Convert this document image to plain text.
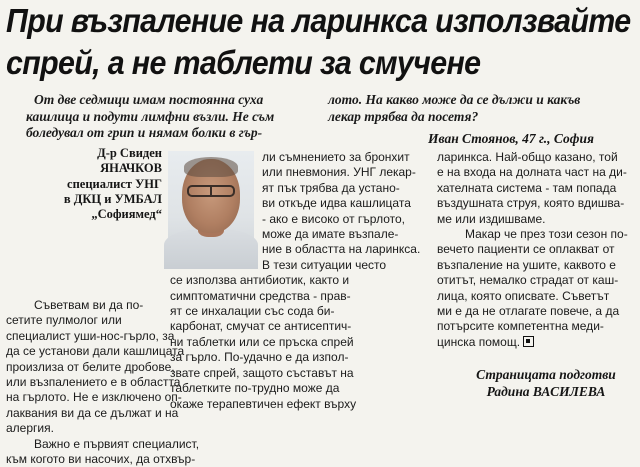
При възпаление на ларинкса използвайте
спрей, а не таблети за смучене
От две седмици имам постоянна суха
кашлица и подути лимфни възли. Не съм
боледувал от грип и нямам болки в гър-
лото. На какво може да се дължи и какъв
лекар трябва да посетя?
Иван Стоянов, 47 г., София
Д-р Свиден
ЯНАЧКОВ
специалист УНГ
в ДКЦ и УМБАЛ
„Софиямед“
Съветвам ви да по-
сетите пулмолог или
специалист уши-нос-гърло, за
да се установи дали кашлицата
произлиза от белите дробове,
или възпалението е в областта
на гърлото. Не е изключено оп-
лаквания ви да се дължат и на
алергия.
Важно е първият специалист,
към когото ви насочих, да отхвър-
ли съмнението за бронхит
или пневмония. УНГ лекар-
ят пък трябва да устано-
ви откъде идва кашлицата
- ако е високо от гърлото,
може да имате възпале-
ние в областта на ларинкса.
В тези ситуации често
се използва антибиотик, както и
симптоматични средства - прав-
ят се инхалации със сода би-
карбонат, смучат се антисептич-
ни таблетки или се пръска спрей
за гърло. По-удачно е да изпол-
звате спрей, защото съставът на
таблетките по-трудно може да
окаже терапевтичен ефект върху
ларинкса. Най-общо казано, той
е на входа на долната част на ди-
хателната система - там попада
въздушната струя, която вдишва-
ме или издишваме.
Макар че през този сезон по-
вечето пациенти се оплакват от
възпаление на ушите, каквото е
отитът, немалко страдат от каш-
лица, която описвате. Съветът
ми е да не отлагате повече, а да
потърсите компетентна меди-
цинска помощ.
Страницата подготви
Радина ВАСИЛЕВА
